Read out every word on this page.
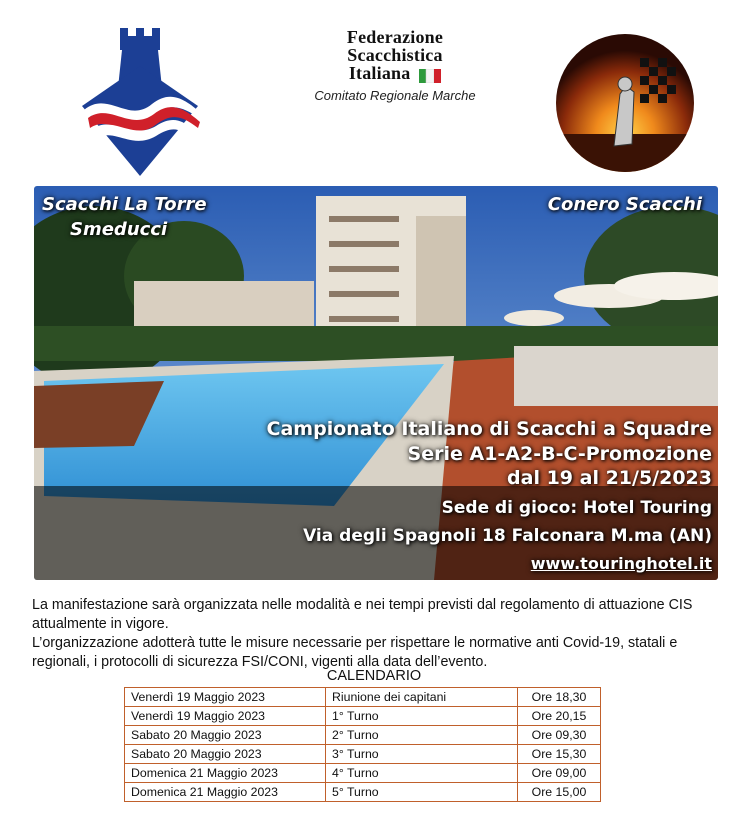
Federazione
Scacchistica
Italiana
Comitato Regionale Marche
Scacchi La Torre
Smeducci
Conero Scacchi
Campionato Italiano di Scacchi a Squadre
Serie A1-A2-B-C-Promozione
dal 19 al 21/5/2023
Sede di gioco: Hotel Touring
Via degli Spagnoli 18 Falconara M.ma (AN)
www.touringhotel.it

La manifestazione sarà organizzata nelle modalità e nei tempi previsti dal regolamento di attuazione CIS attualmente in vigore.

L’organizzazione adotterà tutte le misure necessarie per rispettare le normative anti Covid-19, statali e regionali, i protocolli di sicurezza FSI/CONI, vigenti alla data dell’evento.

CALENDARIO
Venerdì 19 Maggio 2023	Riunione dei capitani	Ore 18,30
Venerdì 19 Maggio 2023	1° Turno	Ore 20,15
Sabato 20 Maggio 2023	2° Turno	Ore 09,30
Sabato 20 Maggio 2023	3° Turno	Ore 15,30
Domenica 21 Maggio 2023	4° Turno	Ore 09,00
Domenica 21 Maggio 2023	5° Turno	Ore 15,00
